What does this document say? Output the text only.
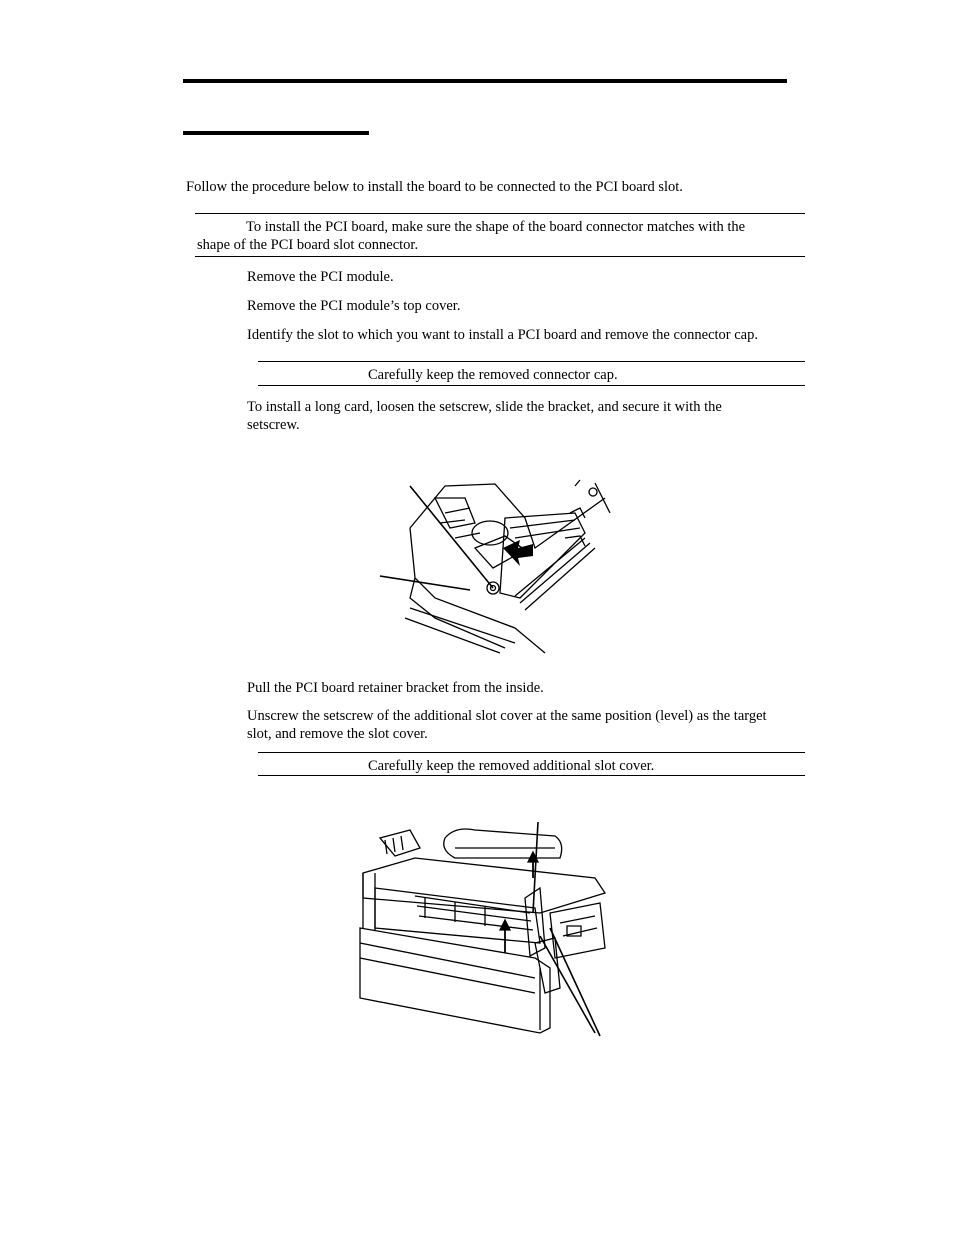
Follow the procedure below to install the board to be connected to the PCI board slot.
To install the PCI board, make sure the shape of the board connector matches with the
shape of the PCI board slot connector.
Remove the PCI module.
Remove the PCI module’s top cover.
Identify the slot to which you want to install a PCI board and remove the connector cap.
Carefully keep the removed connector cap.
To install a long card, loosen the setscrew, slide the bracket, and secure it with the
setscrew.
Pull the PCI board retainer bracket from the inside.
Unscrew the setscrew of the additional slot cover at the same position (level) as the target
slot, and remove the slot cover.
Carefully keep the removed additional slot cover.
